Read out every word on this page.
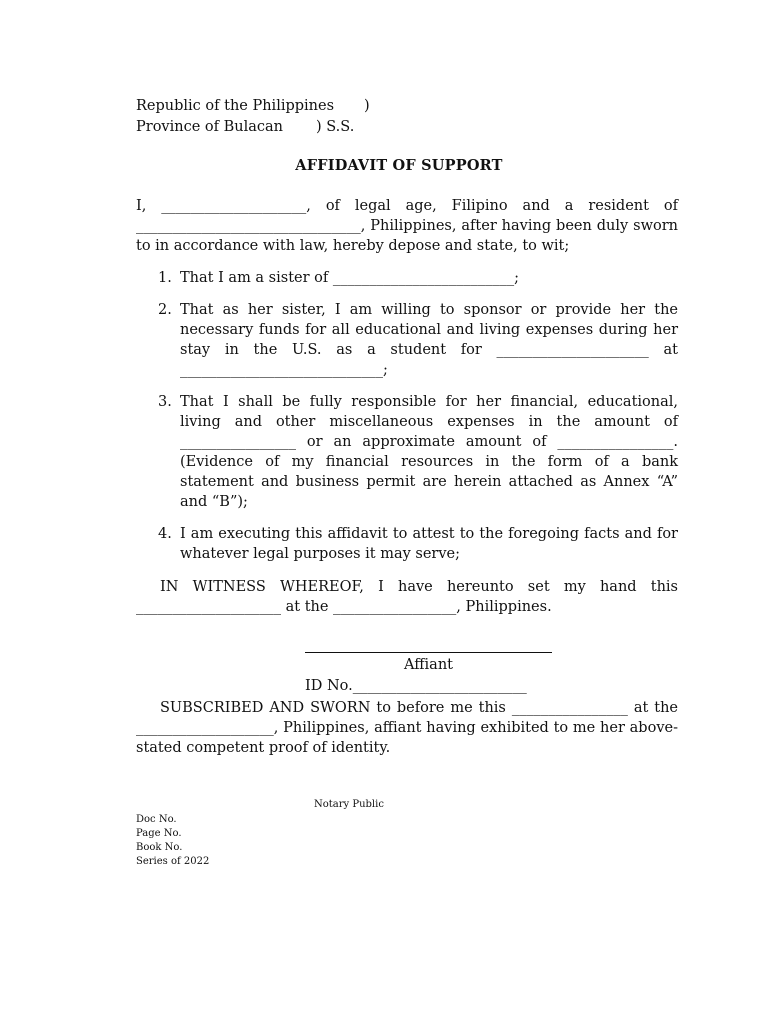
Republic of the Philippines	)
Province of Bulacan	) S.S.
AFFIDAVIT OF SUPPORT
I, ____________________, of legal age, Filipino and a resident of _______________________________, Philippines, after having been duly sworn to in accordance with law, hereby depose and state, to wit;
1. That I am a sister of _________________________;
2. That as her sister, I am willing to sponsor or provide her the necessary funds for all educational and living expenses during her stay in the U.S. as a student for _____________________ at ____________________________;
3. That I shall be fully responsible for her financial, educational, living and other miscellaneous expenses in the amount of ________________ or an approximate amount of ________________. (Evidence of my financial resources in the form of a bank statement and business permit are herein attached as Annex “A” and “B”);
4. I am executing this affidavit to attest to the foregoing facts and for whatever legal purposes it may serve;
IN WITNESS WHEREOF, I have hereunto set my hand this ____________________ at the _________________, Philippines.
Affiant
ID No.________________________
SUBSCRIBED AND SWORN to before me this ________________ at the ___________________, Philippines, affiant having exhibited to me her above-stated competent proof of identity.
Notary Public
Doc No.
Page No.
Book No.
Series of 2022
